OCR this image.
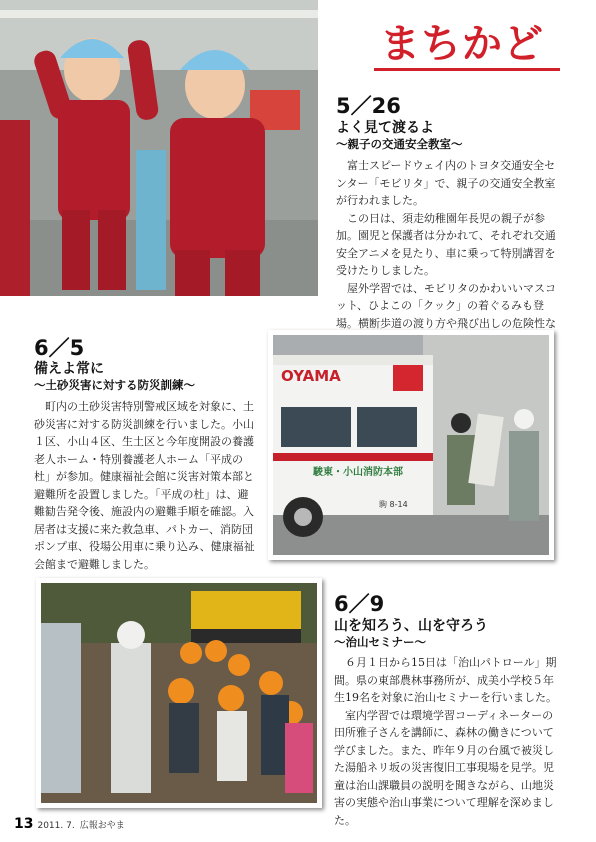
まちかど
5／26
よく見て渡るよ
〜親子の交通安全教室〜

富士スピードウェイ内のトヨタ交通安全センター「モビリタ」で、親子の交通安全教室が行われました。

この日は、須走幼稚園年長児の親子が参加。園児と保護者は分かれて、それぞれ交通安全アニメを見たり、車に乗って特別講習を受けたりしました。

屋外学習では、モビリタのかわいいマスコット、ひよこの「クック」の着ぐるみも登場。横断歩道の渡り方や飛び出しの危険性な

6／5
備えよ常に
〜土砂災害に対する防災訓練〜

町内の土砂災害特別警戒区域を対象に、土砂災害に対する防災訓練を行いました。小山１区、小山４区、生土区と今年度開設の養護老人ホーム・特別養護老人ホーム「平成の杜」が参加。健康福祉会館に災害対策本部と避難所を設置しました。「平成の杜」は、避難勧告発令後、施設内の避難手順を確認。入居者は支援に来た救急車、パトカー、消防団ポンプ車、役場公用車に乗り込み、健康福祉会館まで避難しました。

OYAMA
駿東・小山消防本部
駒 8-14
6／9
山を知ろう、山を守ろう
〜治山セミナー〜

６月１日から15日は「治山パトロール」期間。県の東部農林事務所が、成美小学校５年生19名を対象に治山セミナーを行いました。

室内学習では環境学習コーディネーターの田所雅子さんを講師に、森林の働きについて学びました。また、昨年９月の台風で被災した湯船ネリ坂の災害復旧工事現場を見学。児童は治山課職員の説明を聞きながら、山地災害の実態や治山事業について理解を深めました。

13 2011. 7. 広報おやま
